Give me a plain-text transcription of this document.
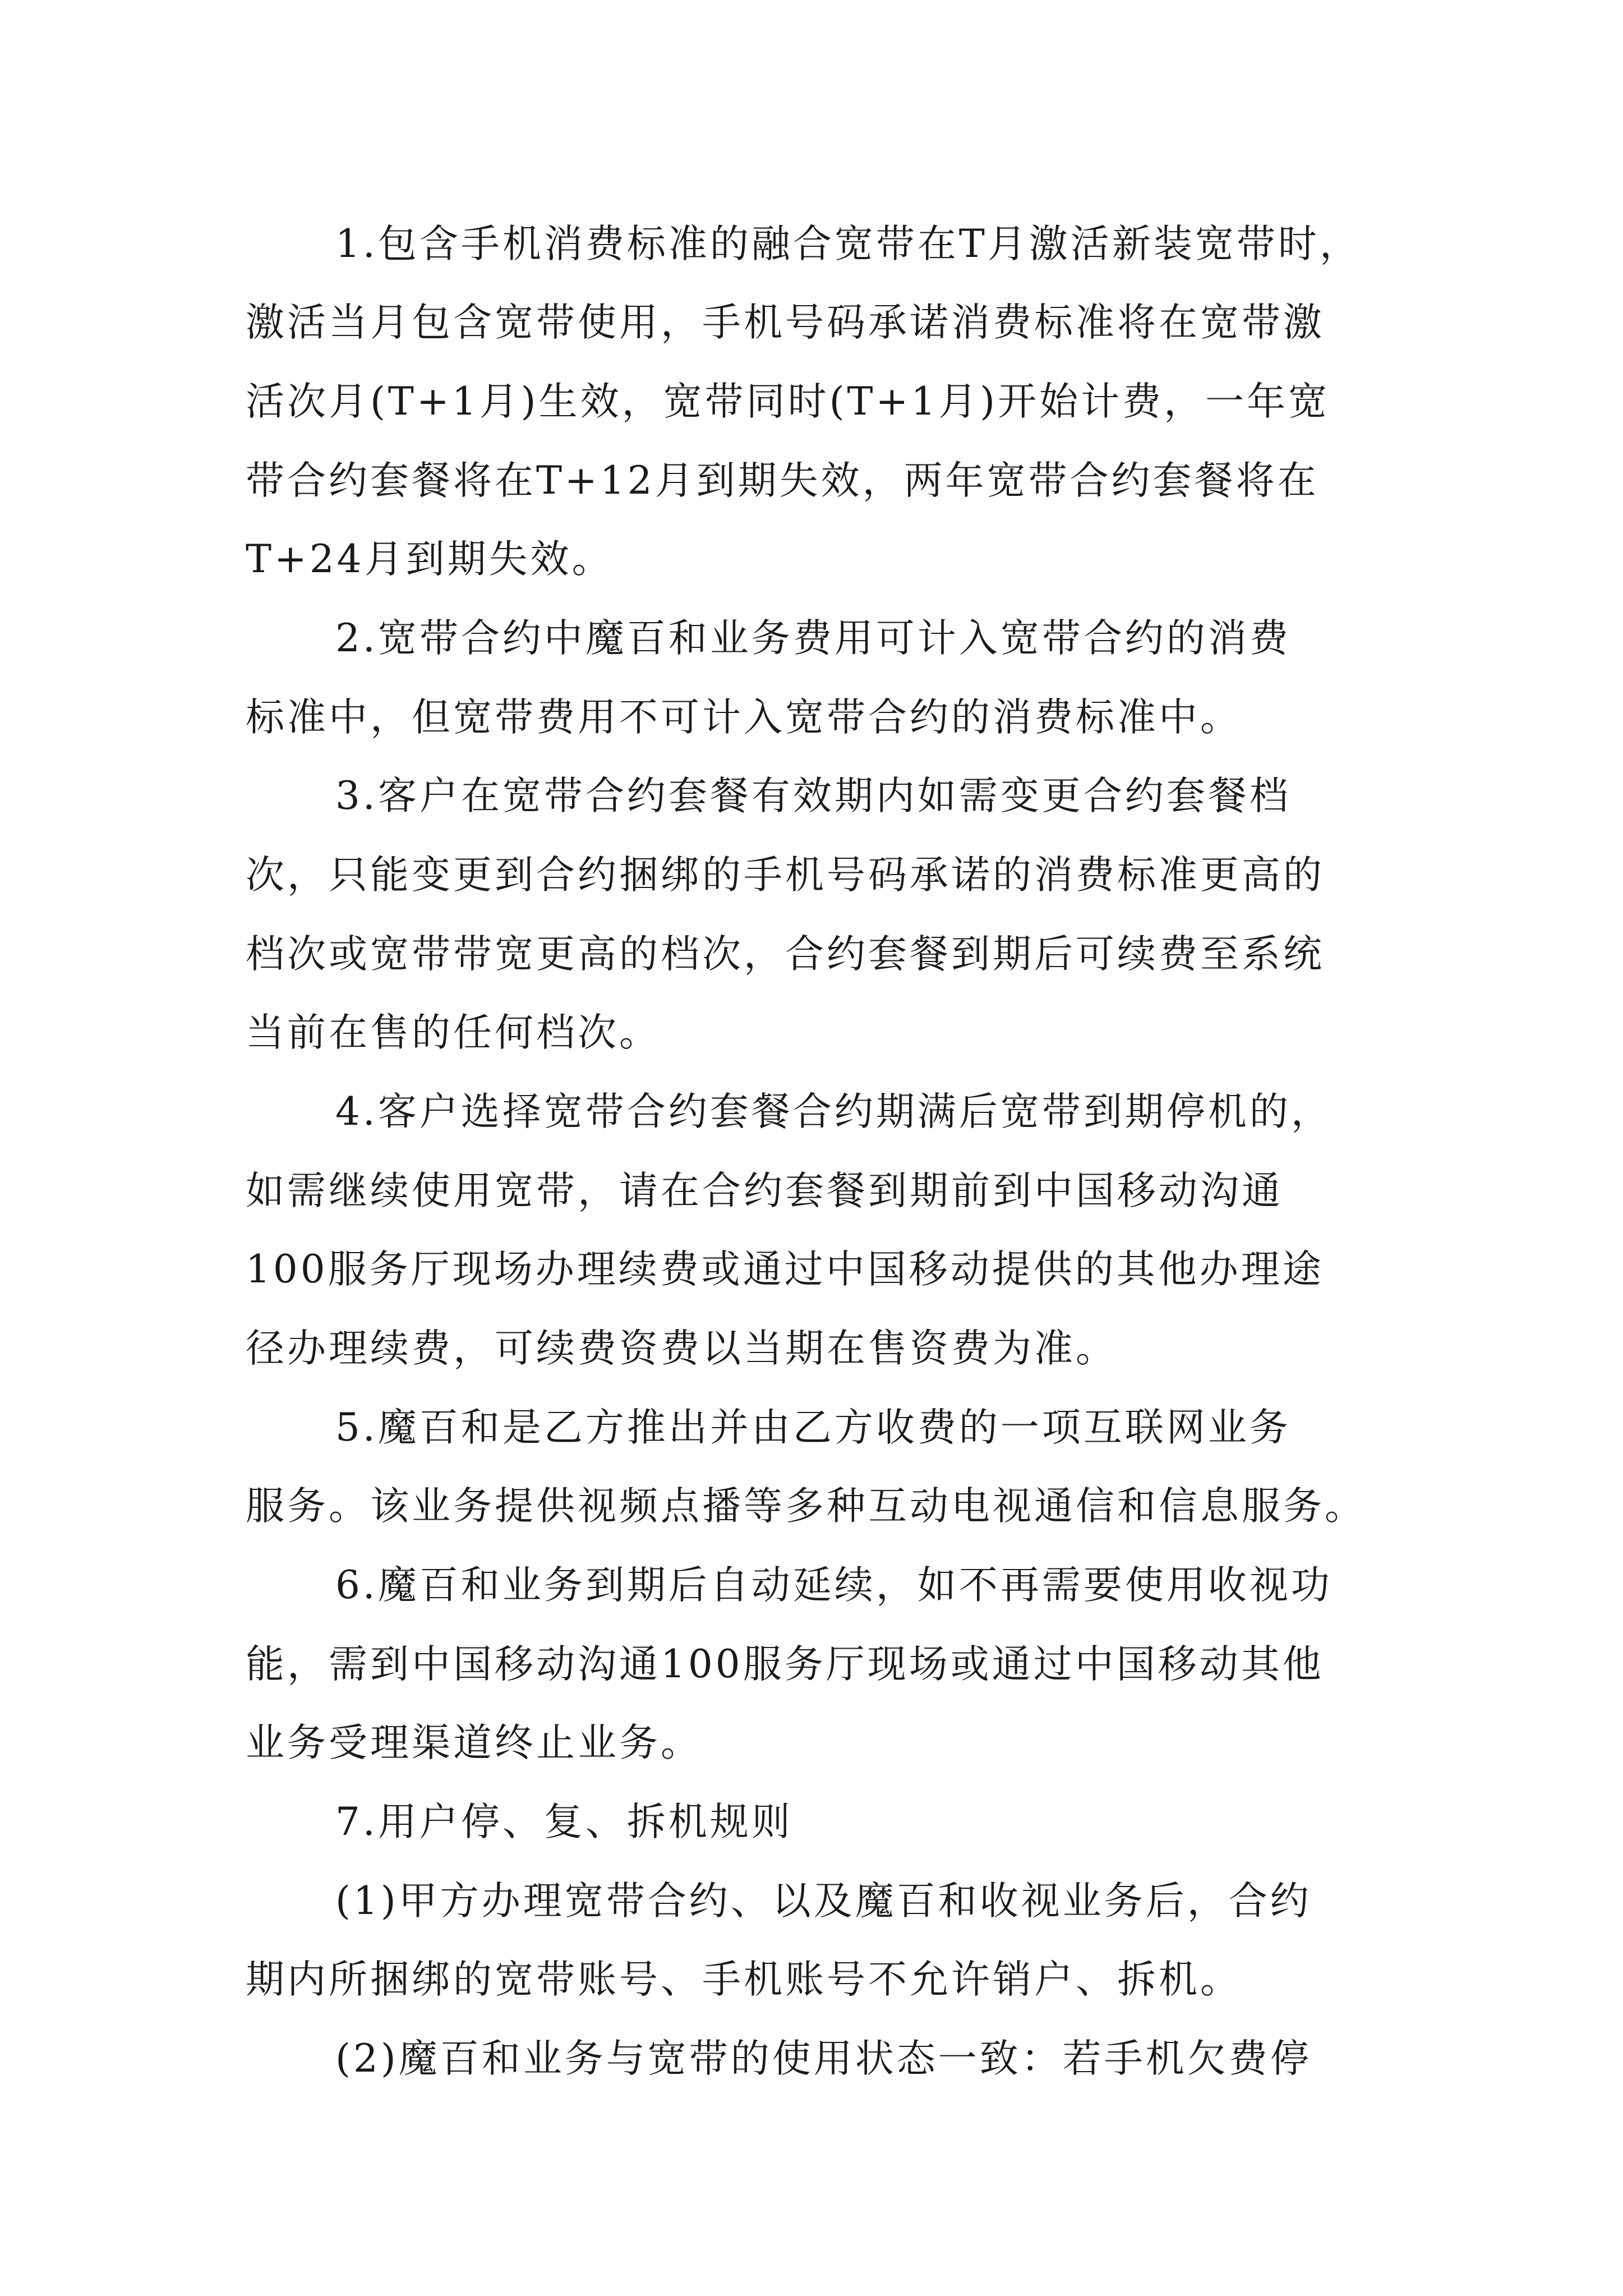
1.包含手机消费标准的融合宽带在T月激活新装宽带时，
激活当月包含宽带使用，手机号码承诺消费标准将在宽带激
活次月(T+1月)生效，宽带同时(T+1月)开始计费，一年宽
带合约套餐将在T+12月到期失效，两年宽带合约套餐将在
T+24月到期失效。
2.宽带合约中魔百和业务费用可计入宽带合约的消费
标准中，但宽带费用不可计入宽带合约的消费标准中。
3.客户在宽带合约套餐有效期内如需变更合约套餐档
次，只能变更到合约捆绑的手机号码承诺的消费标准更高的
档次或宽带带宽更高的档次，合约套餐到期后可续费至系统
当前在售的任何档次。
4.客户选择宽带合约套餐合约期满后宽带到期停机的，
如需继续使用宽带，请在合约套餐到期前到中国移动沟通
100服务厅现场办理续费或通过中国移动提供的其他办理途
径办理续费，可续费资费以当期在售资费为准。
5.魔百和是乙方推出并由乙方收费的一项互联网业务
服务。该业务提供视频点播等多种互动电视通信和信息服务。
6.魔百和业务到期后自动延续，如不再需要使用收视功
能，需到中国移动沟通100服务厅现场或通过中国移动其他
业务受理渠道终止业务。
7.用户停、复、拆机规则
(1)甲方办理宽带合约、以及魔百和收视业务后，合约
期内所捆绑的宽带账号、手机账号不允许销户、拆机。
(2)魔百和业务与宽带的使用状态一致：若手机欠费停
